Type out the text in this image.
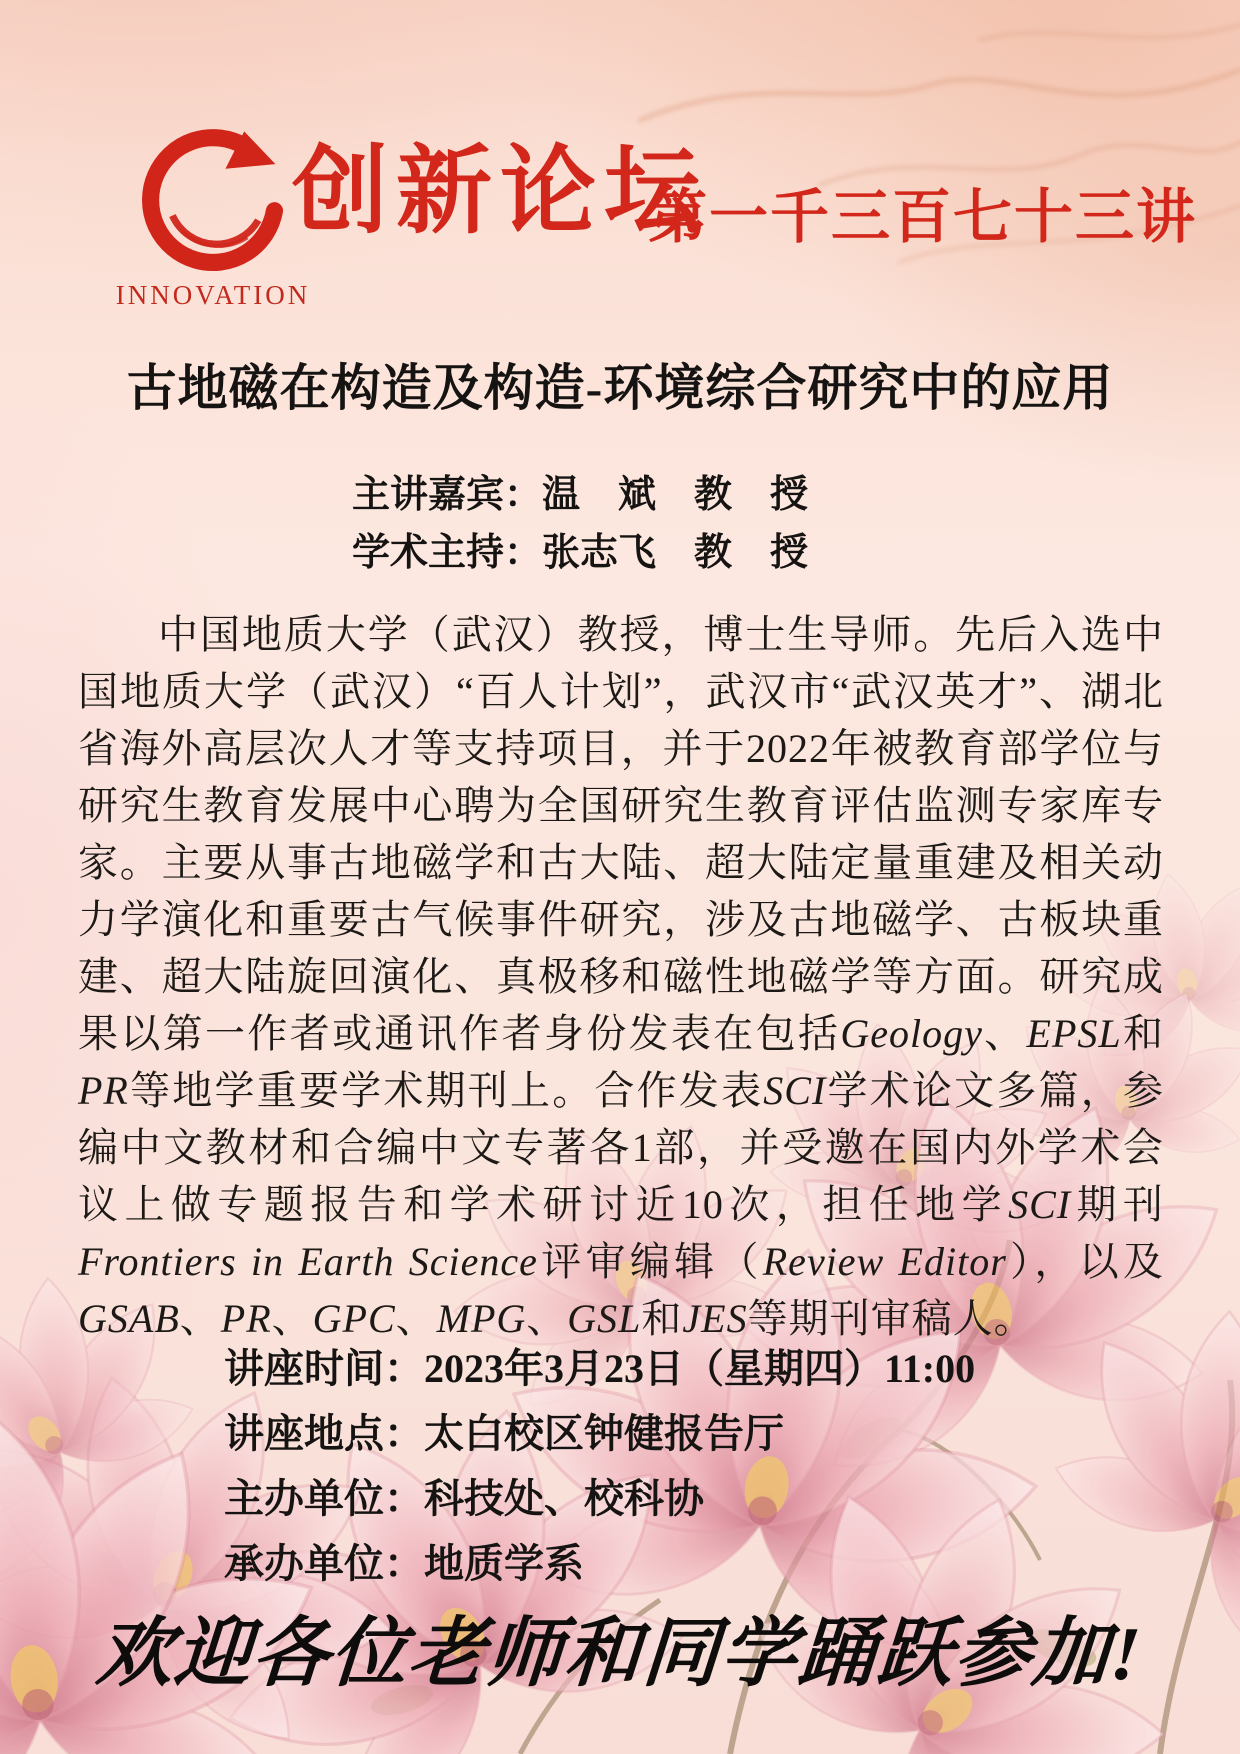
INNOVATION
创新论坛
第一千三百七十三讲
古地磁在构造及构造-环境综合研究中的应用
主讲嘉宾：温　斌　教　授
学术主持：张志飞　教　授
中国地质大学（武汉）教授，博士生导师。先后入选中国地质大学（武汉）“百人计划”，武汉市“武汉英才”、湖北省海外高层次人才等支持项目，并于2022年被教育部学位与研究生教育发展中心聘为全国研究生教育评估监测专家库专家。主要从事古地磁学和古大陆、超大陆定量重建及相关动力学演化和重要古气候事件研究，涉及古地磁学、古板块重建、超大陆旋回演化、真极移和磁性地磁学等方面。研究成果以第一作者或通讯作者身份发表在包括Geology、EPSL和PR等地学重要学术期刊上。合作发表SCI学术论文多篇，参编中文教材和合编中文专著各1部，并受邀在国内外学术会议上做专题报告和学术研讨近10次，担任地学SCI期刊Frontiers in Earth Science评审编辑（Review Editor），以及GSAB、PR、GPC、MPG、GSL和JES等期刊审稿人。
讲座时间：2023年3月23日（星期四）11:00
讲座地点：太白校区钟健报告厅
主办单位：科技处、校科协
承办单位：地质学系
欢迎各位老师和同学踊跃参加!
